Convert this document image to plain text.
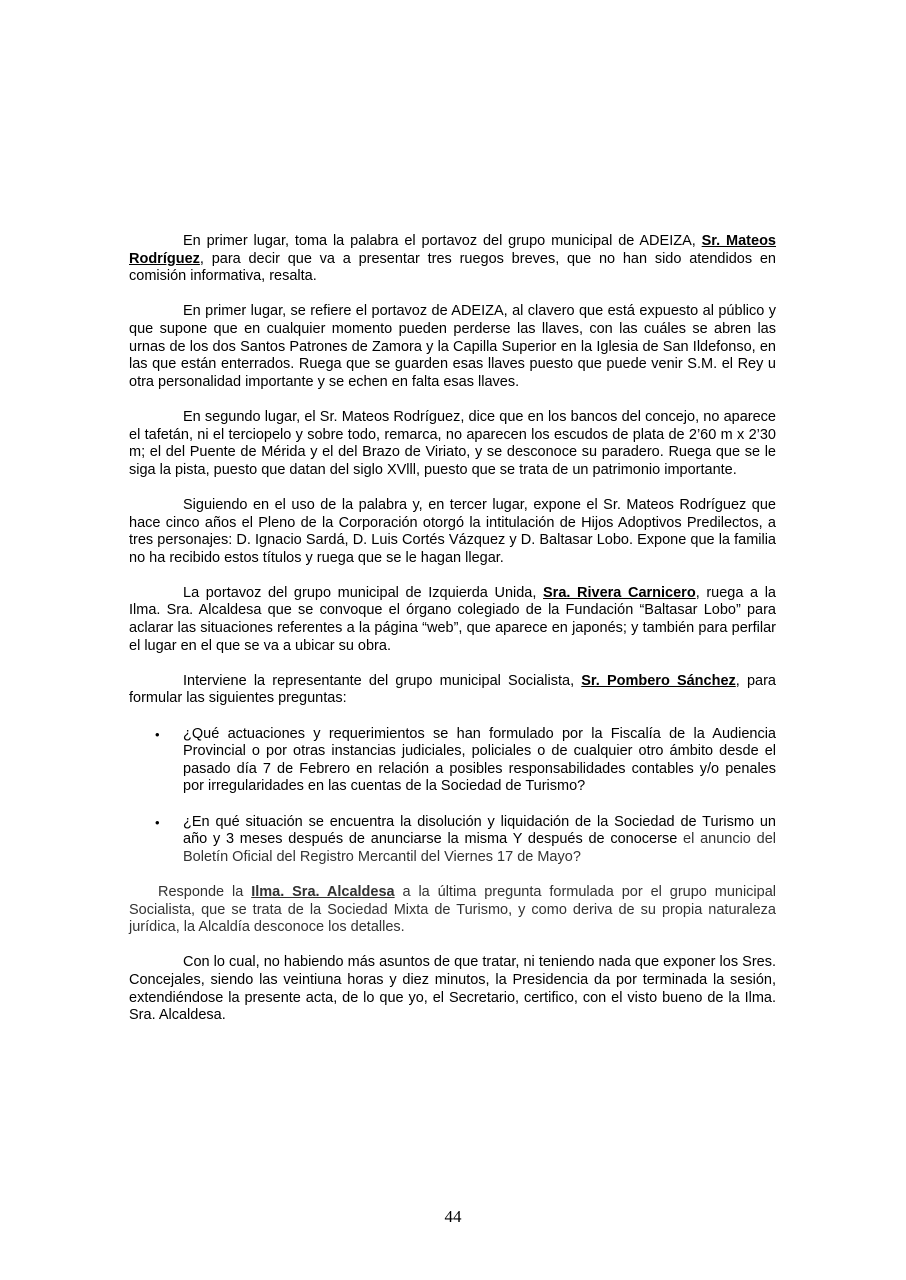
En primer lugar, toma la palabra el portavoz del grupo municipal de ADEIZA, Sr. Mateos Rodríguez, para decir que va a presentar tres ruegos breves, que no han sido atendidos en comisión informativa, resalta.

En primer lugar, se refiere el portavoz de ADEIZA, al clavero que está expuesto al público y que supone que en cualquier momento pueden perderse las llaves, con las cuáles se abren las urnas de los dos Santos Patrones de Zamora y la Capilla Superior en la Iglesia de San Ildefonso, en las que están enterrados. Ruega que se guarden esas llaves puesto que puede venir S.M. el Rey u otra personalidad importante y se echen en falta esas llaves.

En segundo lugar, el Sr. Mateos Rodríguez, dice que en los bancos del concejo, no aparece el tafetán, ni el terciopelo y sobre todo, remarca, no aparecen los escudos de plata de 2’60 m x 2’30 m; el del Puente de Mérida y el del Brazo de Viriato, y se desconoce su paradero. Ruega que se le siga la pista, puesto que datan del siglo XVlll, puesto que se trata de un patrimonio importante.

Siguiendo en el uso de la palabra y, en tercer lugar, expone el Sr. Mateos Rodríguez que hace cinco años el Pleno de la Corporación otorgó la intitulación de Hijos Adoptivos Predilectos, a tres personajes: D. Ignacio Sardá, D. Luis Cortés Vázquez y D. Baltasar Lobo. Expone que la familia no ha recibido estos títulos y ruega que se le hagan llegar.

La portavoz del grupo municipal de Izquierda Unida, Sra. Rivera Carnicero, ruega a la Ilma. Sra. Alcaldesa que se convoque el órgano colegiado de la Fundación “Baltasar Lobo” para aclarar las situaciones referentes a la página “web”, que aparece en japonés; y también para perfilar el lugar en el que se va a ubicar su obra.

Interviene la representante del grupo municipal Socialista, Sr. Pombero Sánchez, para formular las siguientes preguntas:

• ¿Qué actuaciones y requerimientos se han formulado por la Fiscalía de la Audiencia Provincial o por otras instancias judiciales, policiales o de cualquier otro ámbito desde el pasado día 7 de Febrero en relación a posibles responsabilidades contables y/o penales por irregularidades en las cuentas de la Sociedad de Turismo?
• ¿En qué situación se encuentra la disolución y liquidación de la Sociedad de Turismo un año y 3 meses después de anunciarse la misma Y después de conocerse el anuncio del Boletín Oficial del Registro Mercantil del Viernes 17 de Mayo?

Responde la Ilma. Sra. Alcaldesa a la última pregunta formulada por el grupo municipal Socialista, que se trata de la Sociedad Mixta de Turismo, y como deriva de su propia naturaleza jurídica, la Alcaldía desconoce los detalles.

Con lo cual, no habiendo más asuntos de que tratar, ni teniendo nada que exponer los Sres. Concejales, siendo las veintiuna horas y diez minutos, la Presidencia da por terminada la sesión, extendiéndose la presente acta, de lo que yo, el Secretario, certifico, con el visto bueno de la Ilma. Sra. Alcaldesa.

44
